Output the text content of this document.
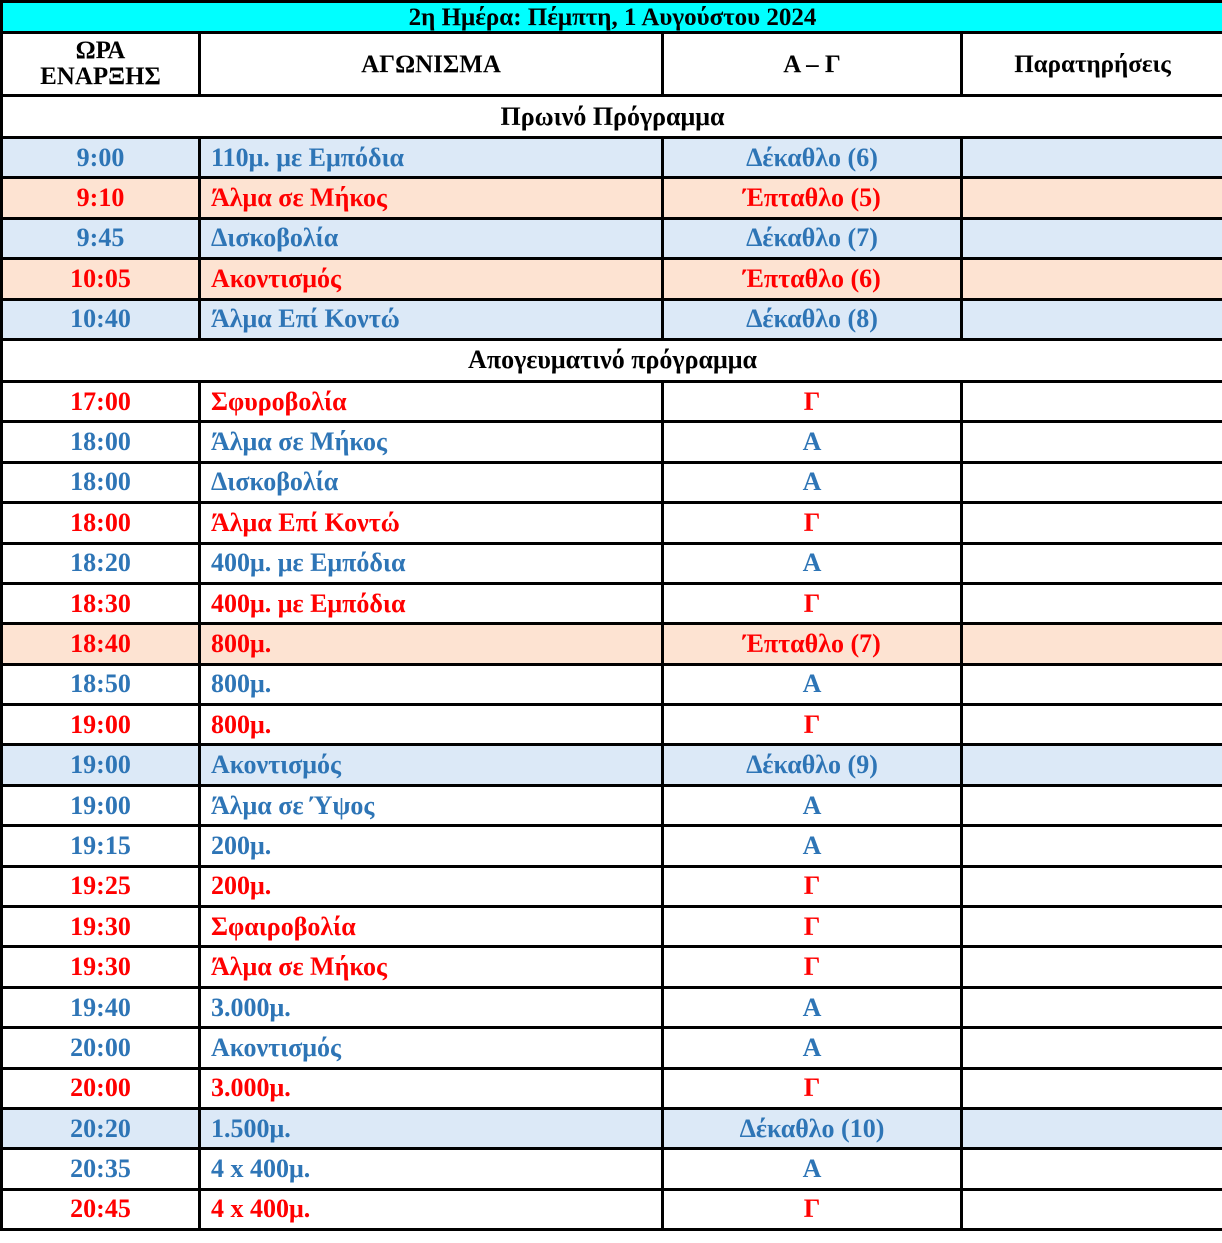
2η Ημέρα: Πέμπτη, 1 Αυγούστου 2024			
ΩΡΑ ΕΝΑΡΞΗΣ	ΑΓΩΝΙΣΜΑ	Α – Γ	Παρατηρήσεις
Πρωινό Πρόγραμμα			
9:00	110μ. με Εμπόδια	Δέκαθλο (6)	
9:10	Άλμα σε Μήκος	Έπταθλο (5)	
9:45	Δισκοβολία	Δέκαθλο (7)	
10:05	Ακοντισμός	Έπταθλο (6)	
10:40	Άλμα Επί Κοντώ	Δέκαθλο (8)	
Απογευματινό πρόγραμμα			
17:00	Σφυροβολία	Γ	
18:00	Άλμα σε Μήκος	Α	
18:00	Δισκοβολία	Α	
18:00	Άλμα Επί Κοντώ	Γ	
18:20	400μ. με Εμπόδια	Α	
18:30	400μ. με Εμπόδια	Γ	
18:40	800μ.	Έπταθλο (7)	
18:50	800μ.	Α	
19:00	800μ.	Γ	
19:00	Ακοντισμός	Δέκαθλο (9)	
19:00	Άλμα σε Ύψος	Α	
19:15	200μ.	Α	
19:25	200μ.	Γ	
19:30	Σφαιροβολία	Γ	
19:30	Άλμα σε Μήκος	Γ	
19:40	3.000μ.	Α	
20:00	Ακοντισμός	Α	
20:00	3.000μ.	Γ	
20:20	1.500μ.	Δέκαθλο (10)	
20:35	4 x 400μ.	Α	
20:45	4 x 400μ.	Γ	
